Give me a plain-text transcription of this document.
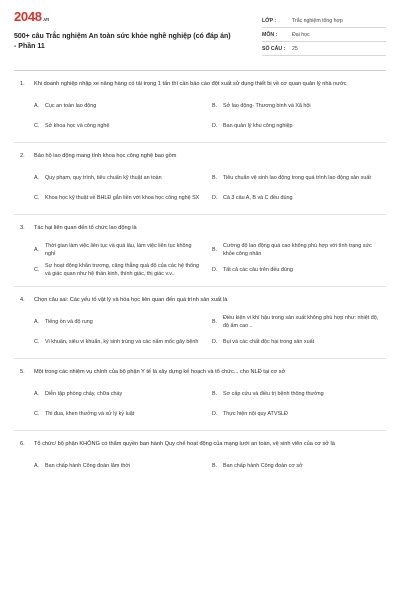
2048.vn
500+ câu Trắc nghiệm An toàn sức khỏe nghề nghiệp (có đáp án) - Phần 11
LỚP :	Trắc nghiệm tổng hợp
MÔN :	Đại học
SỐ CÂU :	25
1.	Khi doanh nghiệp nhập xe nâng hàng có tải trọng 1 tấn thì cần báo cáo đột xuất sử dụng thiết bị về cơ quan quản lý nhà nước
A.	Cục an toàn lao động	B.	Sở lao động- Thương binh và Xã hội
C.	Sở khoa học và công nghệ	D.	Ban quản lý khu công nghiệp
2.	Bảo hộ lao động mang tính khoa học công nghệ bao gồm
A.	Quy phạm, quy trình, tiêu chuẩn kỹ thuật an toàn	B.	Tiêu chuẩn vệ sinh lao động trong quá trình lao động sản xuất
C.	Khoa học kỹ thuật về BHLĐ gắn liền với khoa học công nghệ SX	D.	Cả 3 câu A, B và C đều đúng
3.	Tác hại liên quan đến tổ chức lao động là
A.
Thời gian làm việc liên tục và quá lâu, làm việc liên tục không nghỉ
B.
Cường độ lao động quá cao không phù hợp với tình trạng sức khỏe công nhân
C.
Sự hoạt động khẩn trương, căng thẳng quá độ của các hệ thống và giác quan như hệ thần kinh, thính giác, thị giác v.v..
D.	Tất cả các câu trên đều đúng
4.	Chọn câu sai: Các yếu tố vật lý và hóa học liên quan đến quá trình sản xuất là
A.	Tiếng ồn và độ rung	B.
Điều kiện vi khí hậu trong sản xuất không phù hợp như: nhiệt độ, độ ẩm cao ..
C.	Vi khuẩn, siêu vi khuẩn, ký sinh trùng và các nấm mốc gây bệnh	D.	Bụi và các chất độc hại trong sản xuất
5.	Một trong các nhiệm vụ chính của bộ phận Y tế là xây dựng kế hoạch và tổ chức... cho NLĐ tại cơ sở
A.	Diễn tập phòng cháy, chữa cháy	B.	Sơ cấp cứu và điều trị bệnh thông thường
C.	Thi đua, khen thưởng và xử lý kỷ luật	D.	Thực hiện nội quy ATVSLĐ
6.	Tổ chức/ bộ phận KHÔNG có thẩm quyền ban hành Quy chế hoạt động của mạng lưới an toàn, vệ sinh viên của cơ sở là
A.	Ban chấp hành Công đoàn lâm thời	B.	Ban chấp hành Công đoàn cơ sở
